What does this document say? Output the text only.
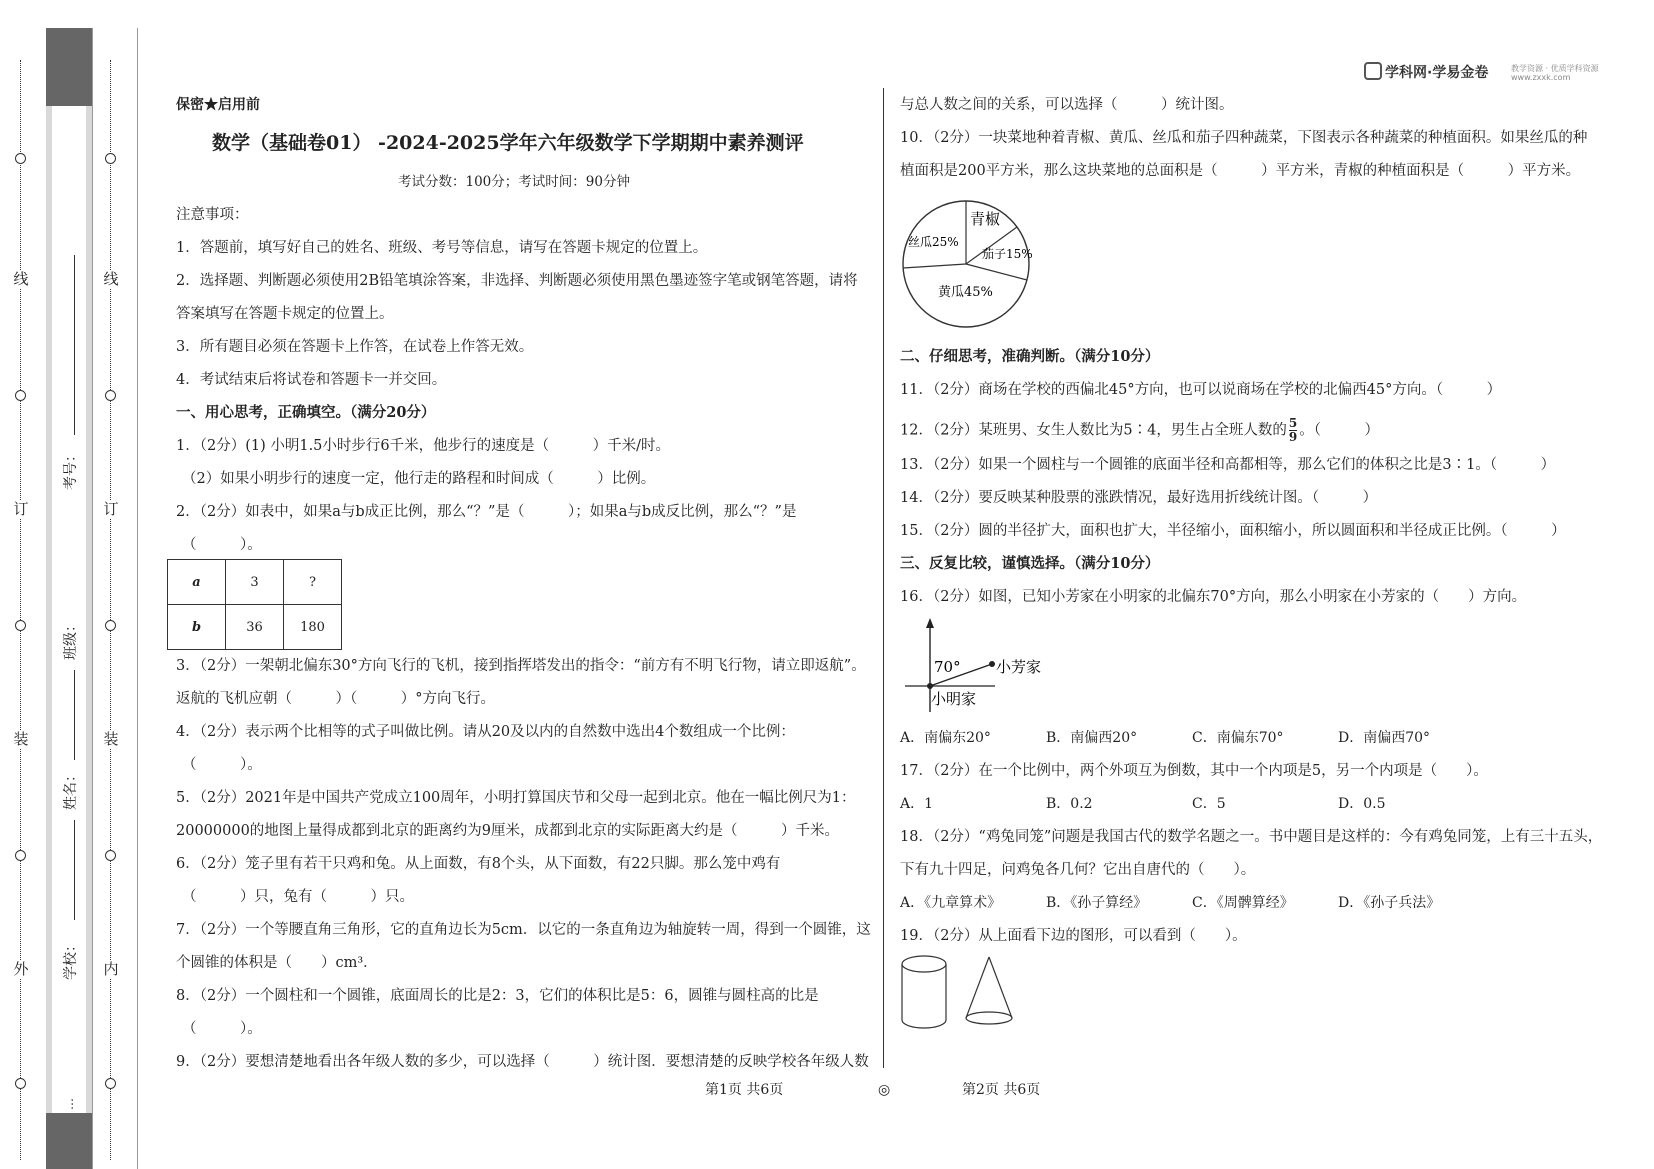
线
订
装
外
线
订
装
内
考号：
班级：
姓名：
学校：
…
学科网·学易金卷	教学资源 · 优质学科资源
www.zxxk.com
保密★启用前
数学（基础卷01） -2024-2025学年六年级数学下学期期中素养测评
考试分数：100分；考试时间：90分钟
注意事项：
1．答题前，填写好自己的姓名、班级、考号等信息，请写在答题卡规定的位置上。
2．选择题、判断题必须使用2B铅笔填涂答案，非选择、判断题必须使用黑色墨迹签字笔或钢笔答题，请将
答案填写在答题卡规定的位置上。
3．所有题目必须在答题卡上作答，在试卷上作答无效。
4．考试结束后将试卷和答题卡一并交回。
一、用心思考，正确填空。（满分20分）
1．（2分）(1) 小明1.5小时步行6千米，他步行的速度是（　　　）千米/时。
（2）如果小明步行的速度一定，他行走的路程和时间成（　　　）比例。
2．（2分）如表中，如果a与b成正比例，那么“？”是（　　　）；如果a与b成反比例，那么“？”是
（　　　）。
a	3	?
b	36	180
3．（2分）一架朝北偏东30°方向飞行的飞机，接到指挥塔发出的指令：“前方有不明飞行物，请立即返航”。
返航的飞机应朝（　　　）（　　　）°方向飞行。
4．（2分）表示两个比相等的式子叫做比例。请从20及以内的自然数中选出4个数组成一个比例：
（　　　）。
5．（2分）2021年是中国共产党成立100周年，小明打算国庆节和父母一起到北京。他在一幅比例尺为1：
20000000的地图上量得成都到北京的距离约为9厘米，成都到北京的实际距离大约是（　　　）千米。
6．（2分）笼子里有若干只鸡和兔。从上面数，有8个头，从下面数，有22只脚。那么笼中鸡有
（　　　）只，兔有（　　　）只。
7．（2分）一个等腰直角三角形，它的直角边长为5cm．以它的一条直角边为轴旋转一周，得到一个圆锥，这
个圆锥的体积是（　　）cm³．
8．（2分）一个圆柱和一个圆锥，底面周长的比是2：3，它们的体积比是5：6，圆锥与圆柱高的比是
（　　　）。
9．（2分）要想清楚地看出各年级人数的多少，可以选择（　　　）统计图．要想清楚的反映学校各年级人数
与总人数之间的关系，可以选择（　　　）统计图。
10．（2分）一块菜地种着青椒、黄瓜、丝瓜和茄子四种蔬菜，下图表示各种蔬菜的种植面积。如果丝瓜的种
植面积是200平方米，那么这块菜地的总面积是（　　　）平方米，青椒的种植面积是（　　　）平方米。
青椒
丝瓜25%
茄子15%
黄瓜45%
二、仔细思考，准确判断。（满分10分）
11．（2分）商场在学校的西偏北45°方向，也可以说商场在学校的北偏西45°方向。（　　　）
12．（2分）某班男、女生人数比为5∶4，男生占全班人数的 $\frac{5}{9}$ 。（　　　）
13．（2分）如果一个圆柱与一个圆锥的底面半径和高都相等，那么它们的体积之比是3∶1。（　　　）
14．（2分）要反映某种股票的涨跌情况，最好选用折线统计图。（　　　）
15．（2分）圆的半径扩大，面积也扩大，半径缩小，面积缩小，所以圆面积和半径成正比例。（　　　）
三、反复比较，谨慎选择。（满分10分）
16．（2分）如图，已知小芳家在小明家的北偏东70°方向，那么小明家在小芳家的（　　）方向。
70° 小芳家
小明家
A．南偏东20°	B．南偏西20°	C．南偏东70°	D．南偏西70°
17．（2分）在一个比例中，两个外项互为倒数，其中一个内项是5，另一个内项是（　　）。
A．1	B．0.2	C．5	D．0.5
18．（2分）“鸡兔同笼”问题是我国古代的数学名题之一。书中题目是这样的：今有鸡兔同笼，上有三十五头，
下有九十四足，问鸡兔各几何？它出自唐代的（　　）。
A．《九章算术》	B．《孙子算经》	C．《周髀算经》	D．《孙子兵法》
19．（2分）从上面看下边的图形，可以看到（　　）。
第1页 共6页	◎	第2页 共6页
